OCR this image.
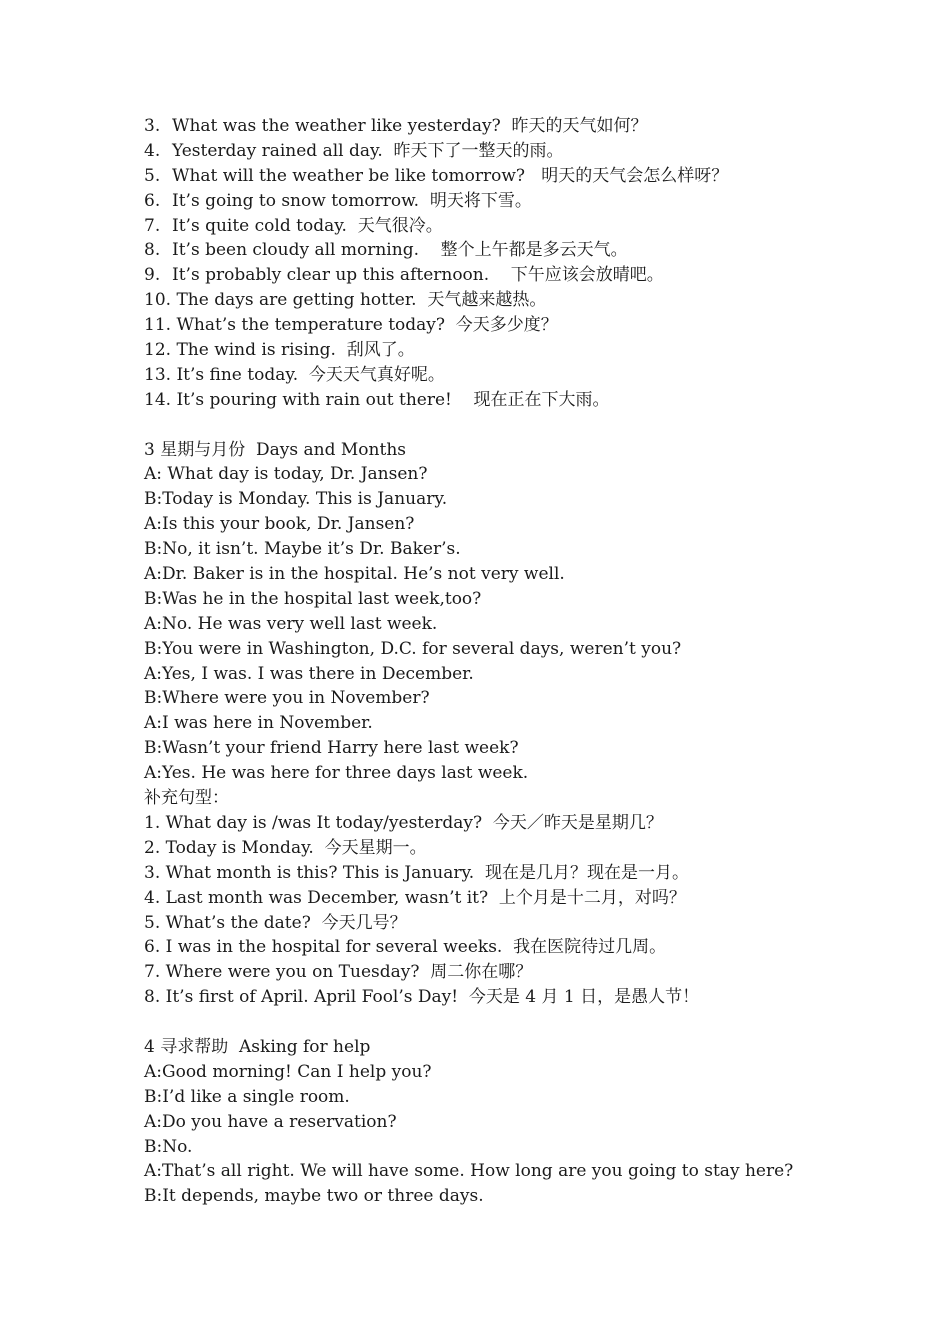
3. What was the weather like yesterday?  昨天的天气如何？
4. Yesterday rained all day.  昨天下了一整天的雨。
5. What will the weather be like tomorrow?   明天的天气会怎么样呀？
6. It’s going to snow tomorrow.  明天将下雪。
7. It’s quite cold today.  天气很冷。
8. It’s been cloudy all morning.    整个上午都是多云天气。
9. It’s probably clear up this afternoon.    下午应该会放晴吧。
10. The days are getting hotter.  天气越来越热。
11. What’s the temperature today?  今天多少度？
12. The wind is rising.  刮风了。
13. It’s fine today.  今天天气真好呢。
14. It’s pouring with rain out there!    现在正在下大雨。
3 星期与月份  Days and Months
A: What day is today, Dr. Jansen?
B:Today is Monday. This is January.
A:Is this your book, Dr. Jansen?
B:No, it isn’t. Maybe it’s Dr. Baker’s.
A:Dr. Baker is in the hospital. He’s not very well.
B:Was he in the hospital last week,too?
A:No. He was very well last week.
B:You were in Washington, D.C. for several days, weren’t you?
A:Yes, I was. I was there in December.
B:Where were you in November?
A:I was here in November.
B:Wasn’t your friend Harry here last week?
A:Yes. He was here for three days last week.
补充句型：
1. What day is /was It today/yesterday?  今天／昨天是星期几？
2. Today is Monday.  今天星期一。
3. What month is this? This is January.  现在是几月？现在是一月。
4. Last month was December, wasn’t it?  上个月是十二月，对吗？
5. What’s the date?  今天几号？
6. I was in the hospital for several weeks.  我在医院待过几周。
7. Where were you on Tuesday?  周二你在哪？
8. It’s first of April. April Fool’s Day!  今天是 4 月 1 日，是愚人节！
4 寻求帮助  Asking for help
A:Good morning! Can I help you?
B:I’d like a single room.
A:Do you have a reservation?
B:No.
A:That’s all right. We will have some. How long are you going to stay here?
B:It depends, maybe two or three days.
